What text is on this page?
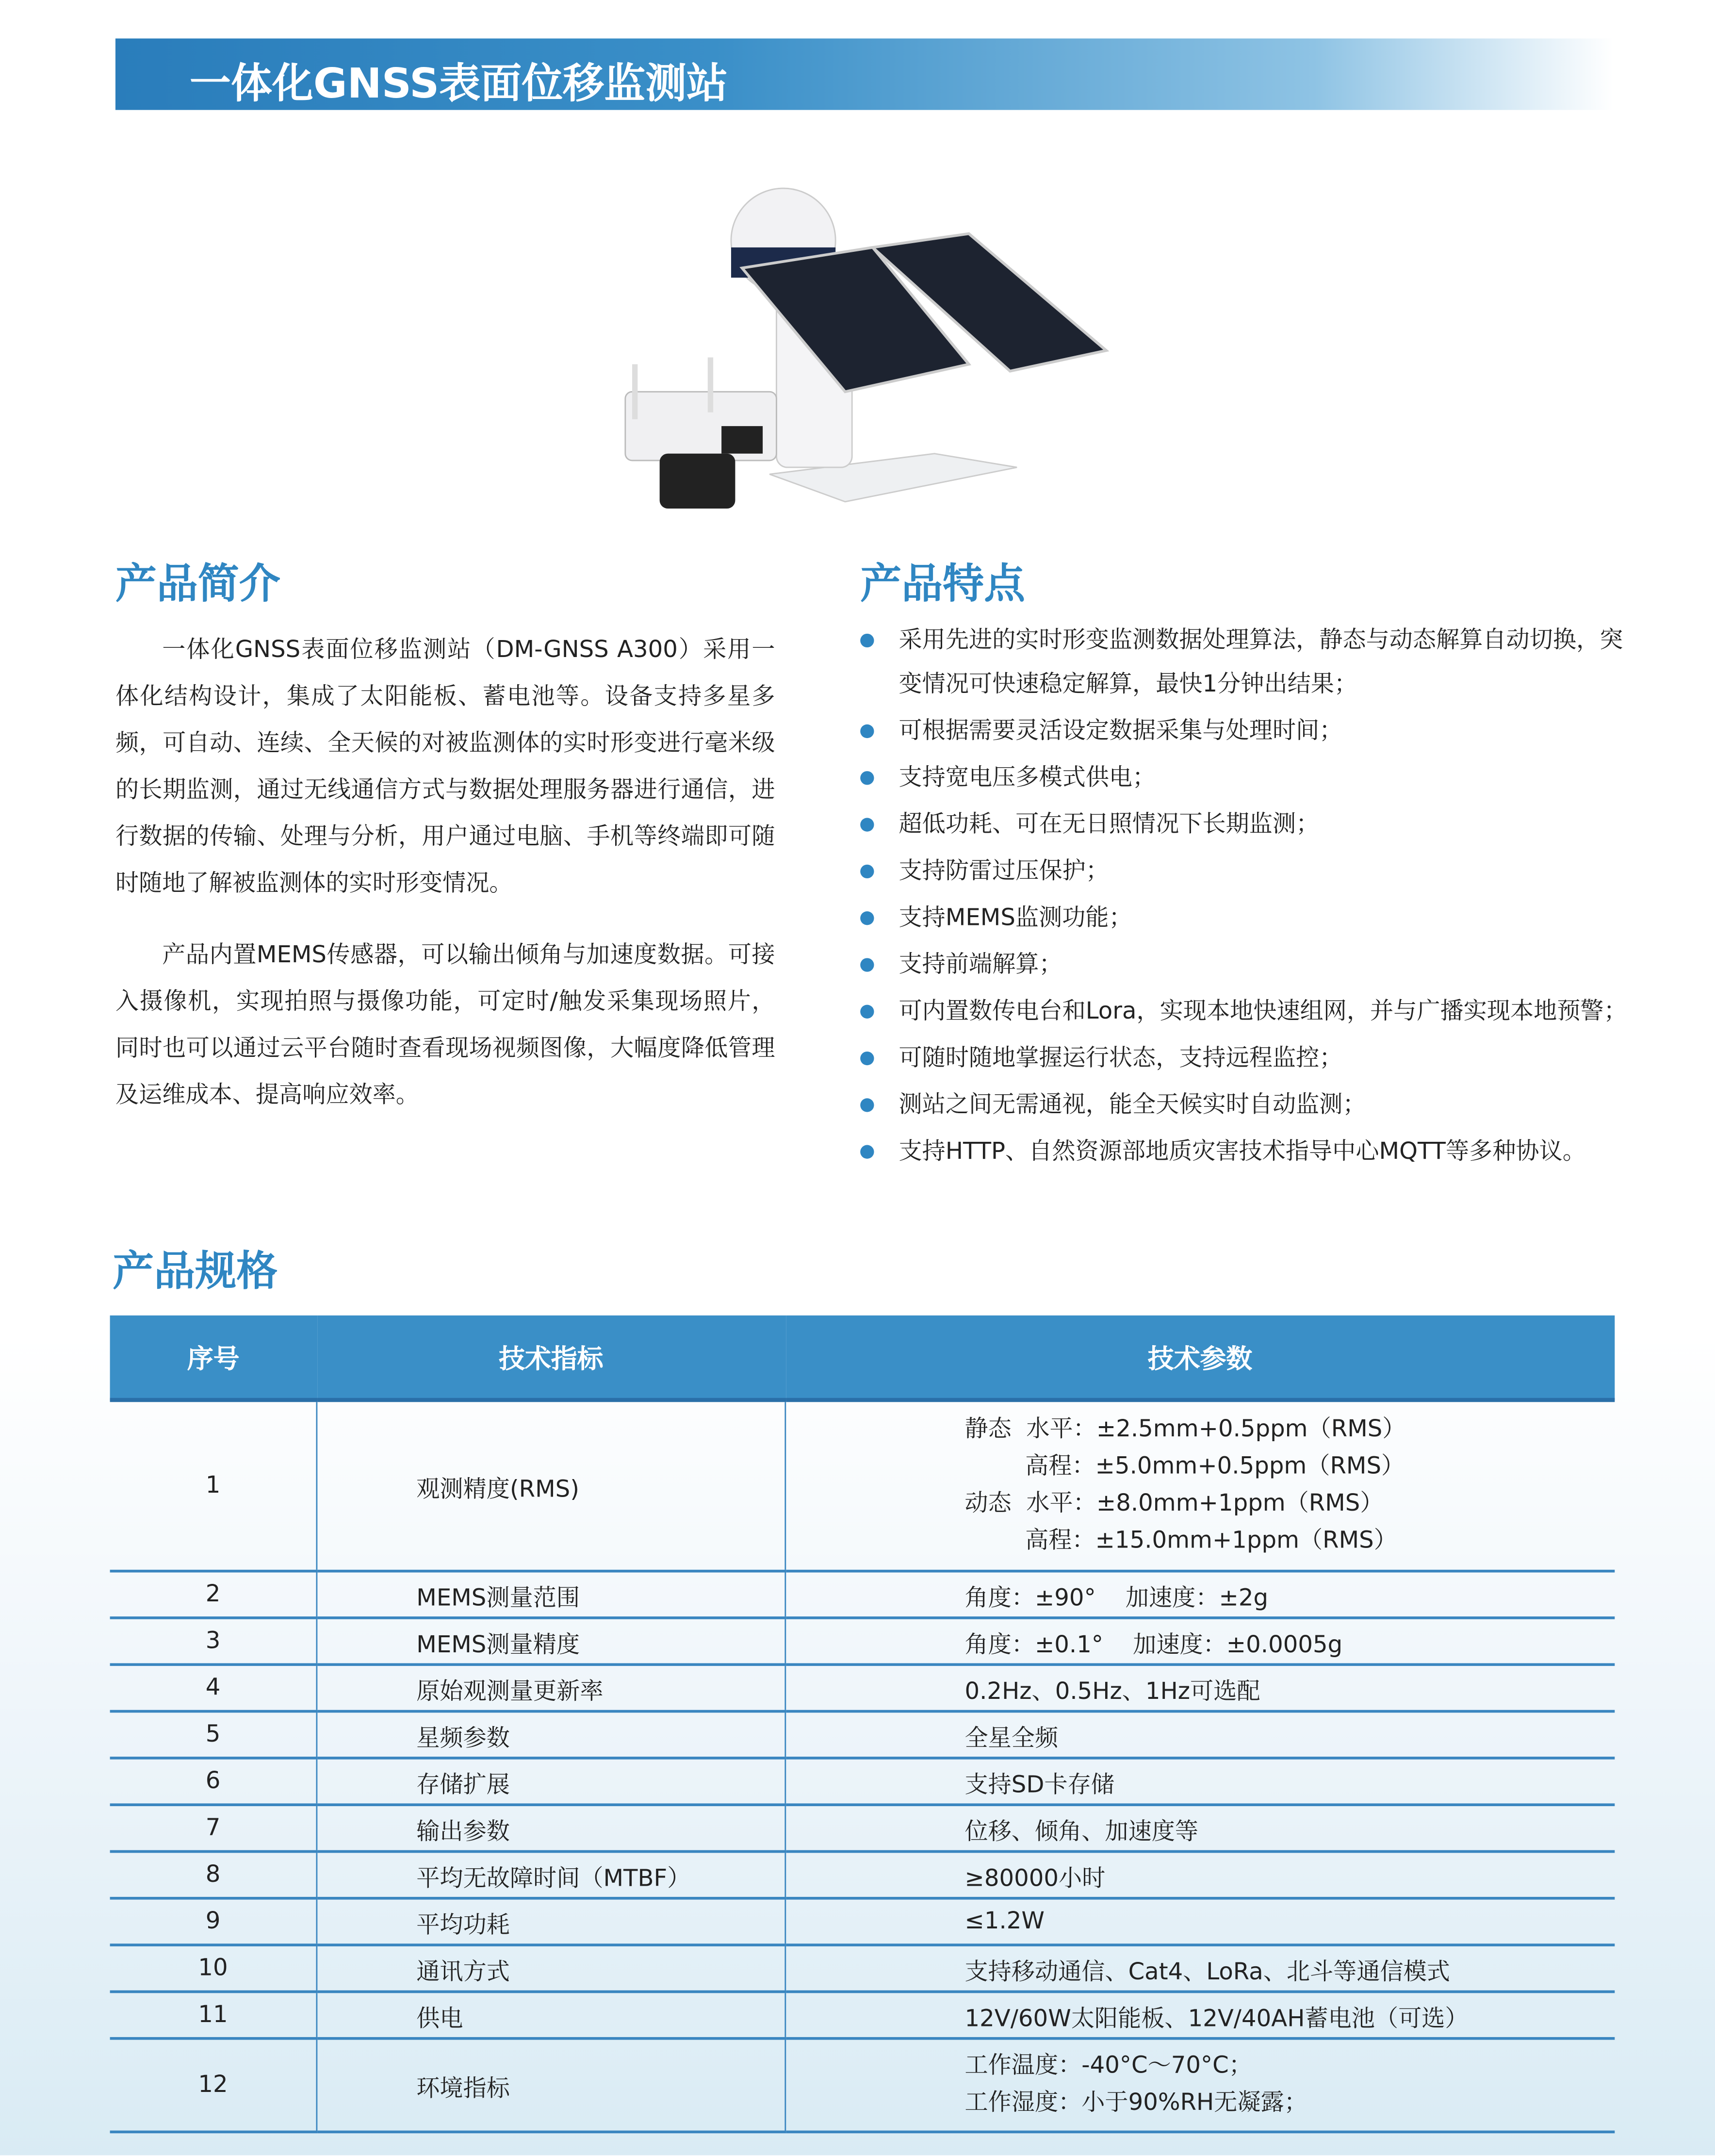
一体化GNSS表面位移监测站
产品简介
一体化GNSS表面位移监测站（DM-GNSS A300）采用一体化结构设计，集成了太阳能板、蓄电池等。设备支持多星多频，可自动、连续、全天候的对被监测体的实时形变进行毫米级的长期监测，通过无线通信方式与数据处理服务器进行通信，进行数据的传输、处理与分析，用户通过电脑、手机等终端即可随时随地了解被监测体的实时形变情况。
产品内置MEMS传感器，可以输出倾角与加速度数据。可接入摄像机，实现拍照与摄像功能，可定时/触发采集现场照片，同时也可以通过云平台随时查看现场视频图像，大幅度降低管理及运维成本、提高响应效率。
产品特点
采用先进的实时形变监测数据处理算法，静态与动态解算自动切换，突变情况可快速稳定解算，最快1分钟出结果；
可根据需要灵活设定数据采集与处理时间；
支持宽电压多模式供电；
超低功耗、可在无日照情况下长期监测；
支持防雷过压保护；
支持MEMS监测功能；
支持前端解算；
可内置数传电台和Lora，实现本地快速组网，并与广播实现本地预警；
可随时随地掌握运行状态，支持远程监控；
测站之间无需通视，能全天候实时自动监测；
支持HTTP、自然资源部地质灾害技术指导中心MQTT等多种协议。
产品规格
序号	技术指标	技术参数
1	观测精度(RMS)	静态  水平：±2.5mm+0.5ppm（RMS）
高程：±5.0mm+0.5ppm（RMS）
动态  水平：±8.0mm+1ppm（RMS）
高程：±15.0mm+1ppm（RMS）

2	MEMS测量范围	角度：±90°    加速度：±2g

3	MEMS测量精度	角度：±0.1°    加速度：±0.0005g

4	原始观测量更新率	0.2Hz、0.5Hz、1Hz可选配

5	星频参数	全星全频

6	存储扩展	支持SD卡存储

7	输出参数	位移、倾角、加速度等

8	平均无故障时间（MTBF）	≥80000小时

9	平均功耗	≤1.2W

10	通讯方式	支持移动通信、Cat4、LoRa、北斗等通信模式

11	供电	12V/60W太阳能板、12V/40AH蓄电池（可选）

12	环境指标	工作温度：-40°C～70°C；
工作湿度：小于90%RH无凝露；
